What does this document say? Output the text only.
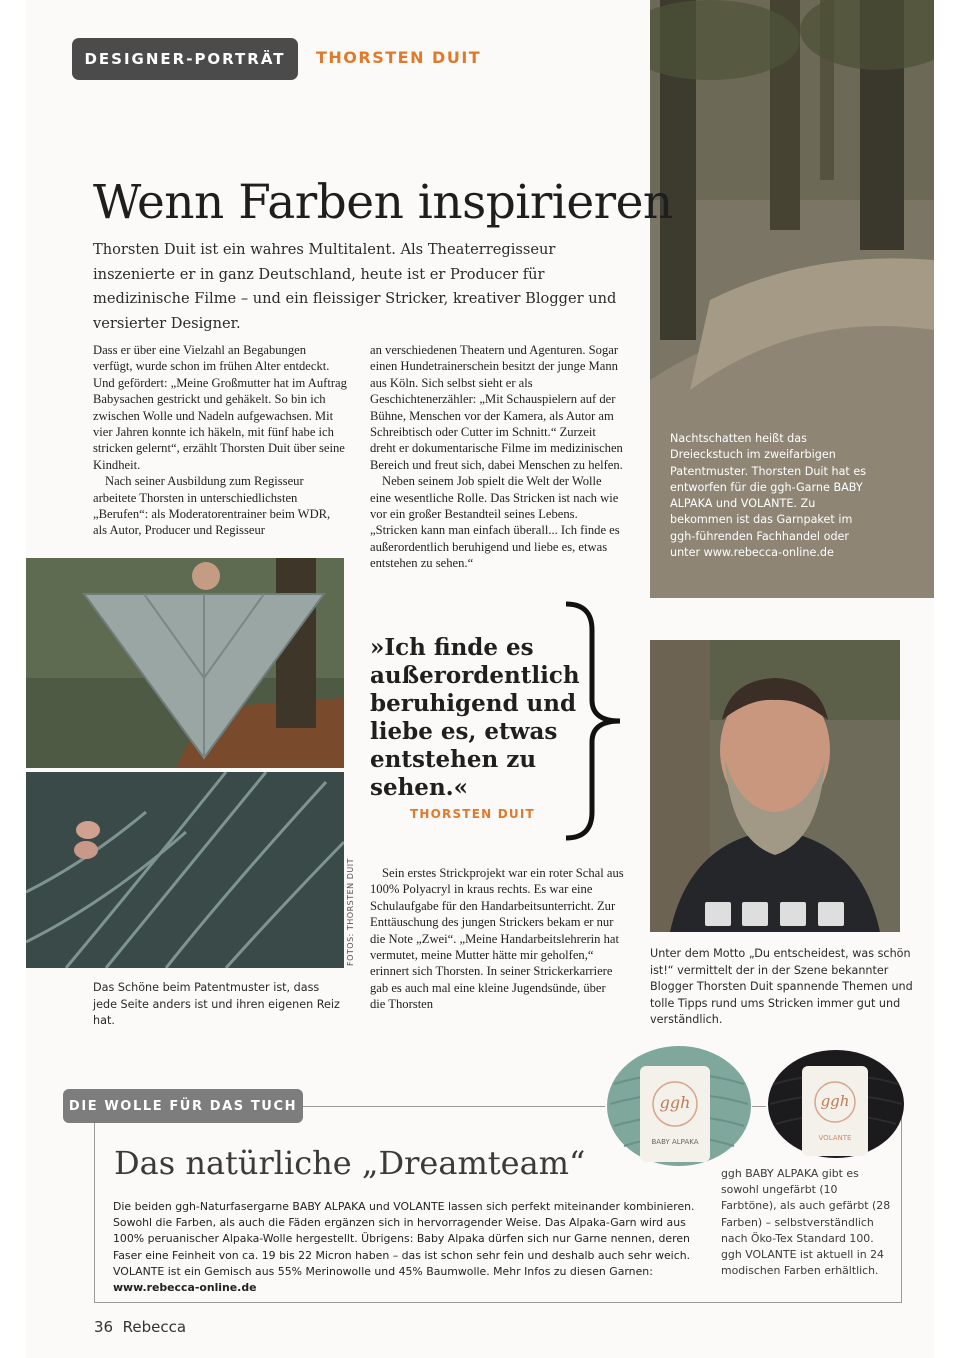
DESIGNER-PORTRÄT	THORSTEN DUIT
Nachtschatten heißt das Dreieckstuch im zweifarbigen Patentmuster. Thorsten Duit hat es entworfen für die ggh-Garne BABY ALPAKA und VOLANTE. Zu bekommen ist das Garnpaket im ggh-führenden Fachhandel oder unter www.rebecca-online.de
Wenn Farben inspirieren
Thorsten Duit ist ein wahres Multitalent. Als Theaterregisseur inszenierte er in ganz Deutschland, heute ist er Producer für medizinische Filme – und ein fleissiger Stricker, kreativer Blogger und versierter Designer.

Dass er über eine Vielzahl an Begabungen verfügt, wurde schon im frühen Alter entdeckt. Und gefördert: „Meine Großmutter hat im Auftrag Babysachen gestrickt und gehäkelt. So bin ich zwischen Wolle und Nadeln aufgewachsen. Mit vier Jahren konnte ich häkeln, mit fünf habe ich stricken gelernt“, erzählt Thorsten Duit über seine Kindheit.

Nach seiner Ausbildung zum Regisseur arbeitete Thorsten in unterschiedlichsten „Berufen“: als Moderatorentrainer beim WDR, als Autor, Producer und Regisseur

an verschiedenen Theatern und Agenturen. Sogar einen Hundetrainerschein besitzt der junge Mann aus Köln. Sich selbst sieht er als Geschichtenerzähler: „Mit Schauspielern auf der Bühne, Menschen vor der Kamera, als Autor am Schreibtisch oder Cutter im Schnitt.“ Zurzeit dreht er dokumentarische Filme im medizinischen Bereich und freut sich, dabei Menschen zu helfen.

Neben seinem Job spielt die Welt der Wolle eine wesentliche Rolle. Das Stricken ist nach wie vor ein großer Bestandteil seines Lebens. „Stricken kann man einfach überall... Ich finde es außerordentlich beruhigend und liebe es, etwas entstehen zu sehen.“

FOTOS: THORSTEN DUIT
Das Schöne beim Patentmuster ist, dass jede Seite anders ist und ihren eigenen Reiz hat.
»Ich finde es außerordentlich beruhigend und liebe es, etwas entstehen zu sehen.«
THORSTEN DUIT

Sein erstes Strickprojekt war ein roter Schal aus 100% Polyacryl in kraus rechts. Es war eine Schulaufgabe für den Handarbeitsunterricht. Zur Enttäuschung des jungen Strickers bekam er nur die Note „Zwei“. „Meine Handarbeitslehrerin hat vermutet, meine Mutter hätte mir geholfen,“ erinnert sich Thorsten. In seiner Strickerkarriere gab es auch mal eine kleine Jugendsünde, über die Thorsten

Unter dem Motto „Du entscheidest, was schön ist!“ vermittelt der in der Szene bekannter Blogger Thorsten Duit spannende Themen und tolle Tipps rund ums Stricken immer gut und verständlich.
DIE WOLLE FÜR DAS TUCH	ggh
BABY ALPAKA
ggh
VOLANTE
Das natürliche „Dreamteam“
Die beiden ggh-Naturfasergarne BABY ALPAKA und VOLANTE lassen sich perfekt miteinander kombinieren. Sowohl die Farben, als auch die Fäden ergänzen sich in hervorragender Weise. Das Alpaka-Garn wird aus 100% peruanischer Alpaka-Wolle hergestellt. Übrigens: Baby Alpaka dürfen sich nur Garne nennen, deren Faser eine Feinheit von ca. 19 bis 22 Micron haben – das ist schon sehr fein und deshalb auch sehr weich. VOLANTE ist ein Gemisch aus 55% Merinowolle und 45% Baumwolle. Mehr Infos zu diesen Garnen: www.rebecca-online.de
ggh BABY ALPAKA gibt es sowohl ungefärbt (10 Farbtöne), als auch gefärbt (28 Farben) – selbstverständlich nach Öko-Tex Standard 100. ggh VOLANTE ist aktuell in 24 modischen Farben erhältlich.
36  Rebecca
